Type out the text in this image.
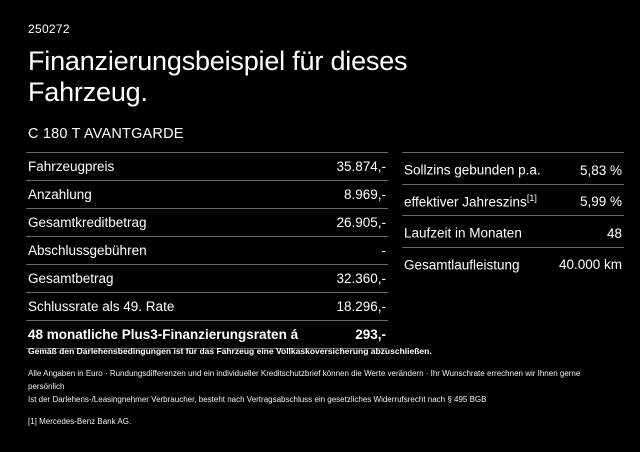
250272
Finanzierungsbeispiel für dieses Fahrzeug.
C 180 T AVANTGARDE
Fahrzeugpreis	35.874,-
Anzahlung	8.969,-
Gesamtkreditbetrag	26.905,-
Abschlussgebühren	-
Gesamtbetrag	32.360,-
Schlussrate als 49. Rate	18.296,-
48 monatliche Plus3-Finanzierungsraten á	293,-
Sollzins gebunden p.a.	5,83 %
effektiver Jahreszins[1]	5,99 %
Laufzeit in Monaten	48
Gesamtlaufleistung	40.000 km
Gemäß den Darlehensbedingungen ist für das Fahrzeug eine Vollkaskoversicherung abzuschließen.
Alle Angaben in Euro · Rundungsdifferenzen und ein individueller Kreditschutzbrief können die Werte verändern · Ihr Wunschrate errechnen wir Ihnen gerne persönlich
Ist der Darlehens-/Leasingnehmer Verbraucher, besteht nach Vertragsabschluss ein gesetzliches Widerrufsrecht nach § 495 BGB
[1] Mercedes-Benz Bank AG.
